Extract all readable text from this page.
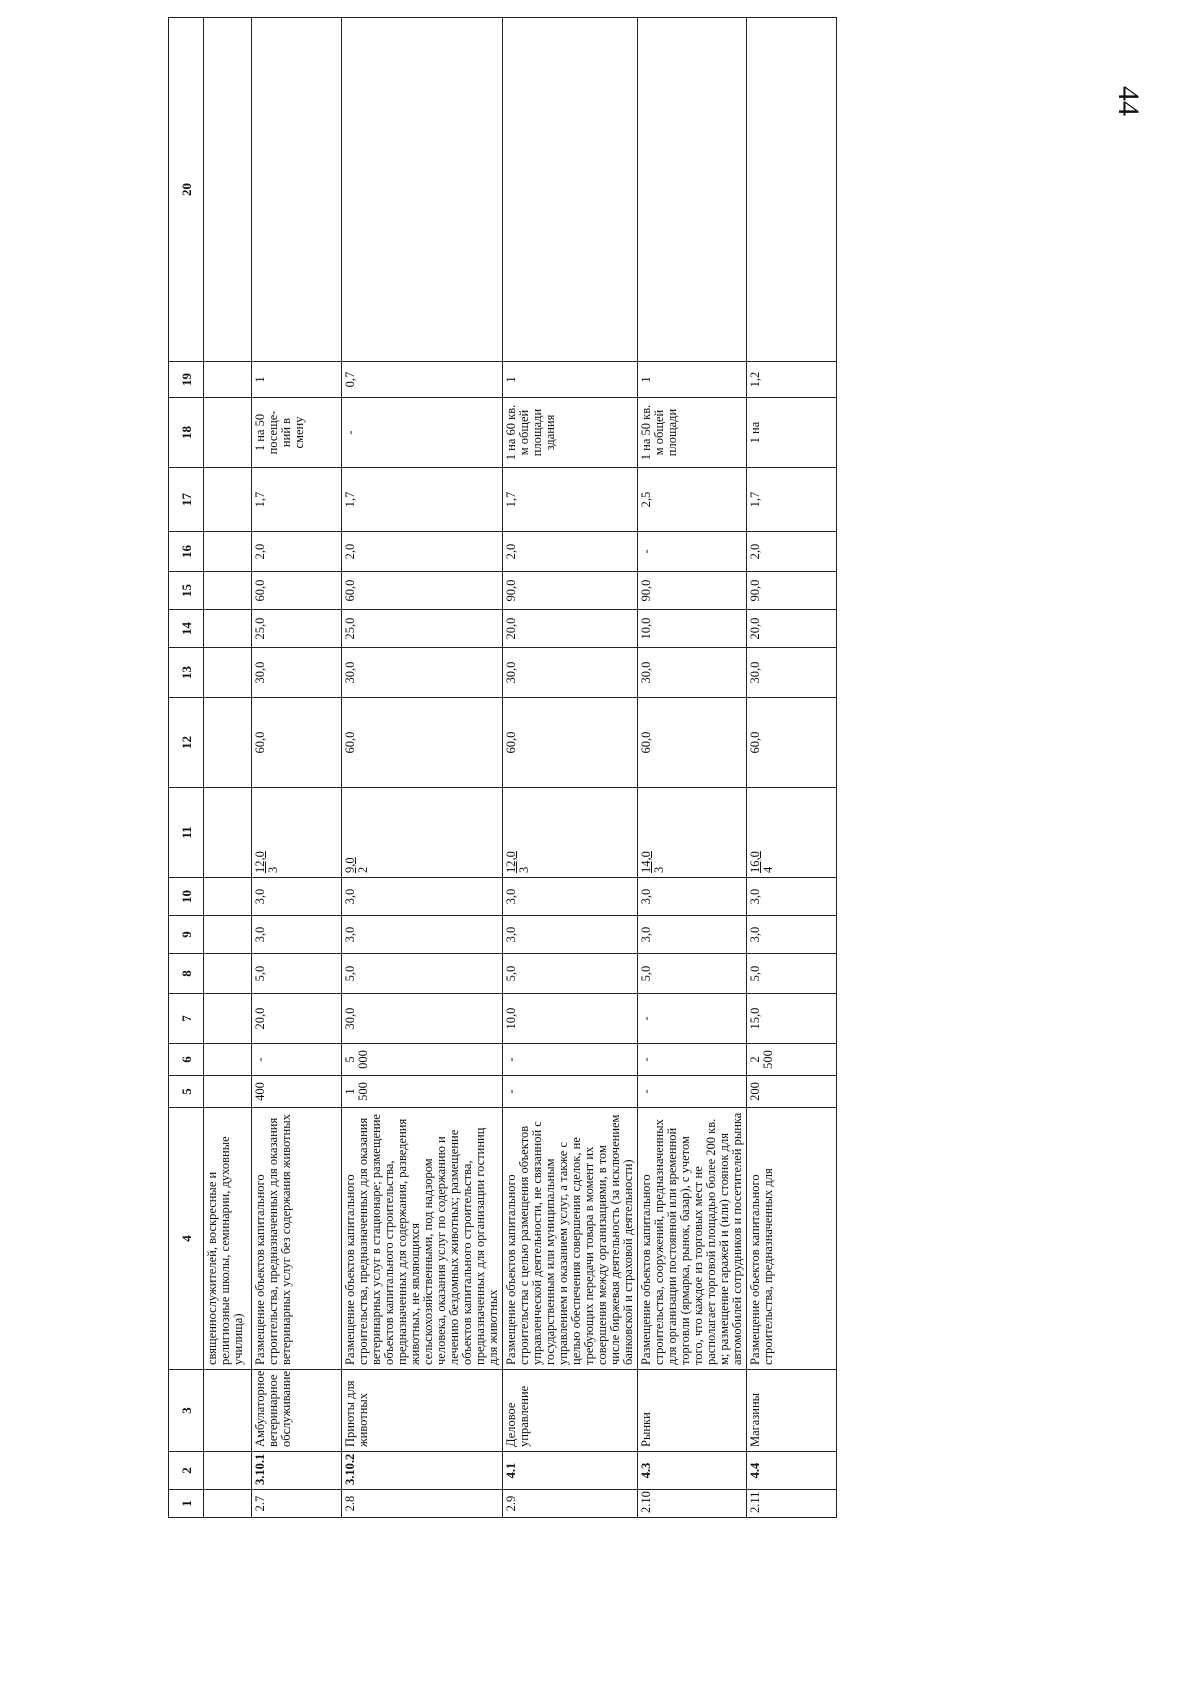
44
1	2	3	4	5	6	7	8	9	10	11	12	13	14	15	16	17	18	19	20
			священнослужителей, воскресные и религиозные школы, семинарии, духовные училища)							

2.7	3.10.1	Амбулаторное ветеринарное обслуживание	Размещение объектов капитального строительства, предназначенных для оказания ветеринарных услуг без содержания животных	400	-	20,0	5,0	3,0	3,0	12,0 3	60,0	30,0	25,0	60,0	2,0	1,7	1 на 50 посеще-ний в смену	1	
2.8	3.10.2	Приюты для животных	Размещение объектов капитального строительства, предназначенных для оказания ветеринарных услуг в стационаре; размещение объектов капитального строительства, предназначенных для содержания, разведения животных, не являющихся сельскохозяйственными, под надзором человека, оказания услуг по содержанию и лечению бездомных животных; размещение объектов капитального строительства, предназначенных для организации гостиниц для животных	1 500	5 000	30,0	5,0	3,0	3,0	9,0 2	60,0	30,0	25,0	60,0	2,0	1,7	-	0,7	
2.9	4.1	Деловое управление	Размещение объектов капитального строительства с целью размещения объектов управленческой деятельности, не связанной с государственным или муниципальным управлением и оказанием услуг, а также с целью обеспечения совершения сделок, не требующих передачи товара в момент их совершения между организациями, в том числе биржевая деятельность (за исключением банковской и страховой деятельности)	-	-	10,0	5,0	3,0	3,0	12,0 3	60,0	30,0	20,0	90,0	2,0	1,7	1 на 60 кв. м общей площади здания	1	
2.10	4.3	Рынки	Размещение объектов капитального строительства, сооружений, предназначенных для организации постоянной или временной торговли (ярмарка, рынок, базар), с учетом того, что каждое из торговых мест не располагает торговой площадью более 200 кв. м; размещение гаражей и (или) стоянок для автомобилей сотрудников и посетителей рынка	-	-	-	5,0	3,0	3,0	14,0 3	60,0	30,0	10,0	90,0	-	2,5	1 на 50 кв. м общей площади	1	
2.11	4.4	Магазины	Размещение объектов капитального строительства, предназначенных для	200	2 500	15,0	5,0	3,0	3,0	16,0 4	60,0	30,0	20,0	90,0	2,0	1,7	1 на	1,2	
